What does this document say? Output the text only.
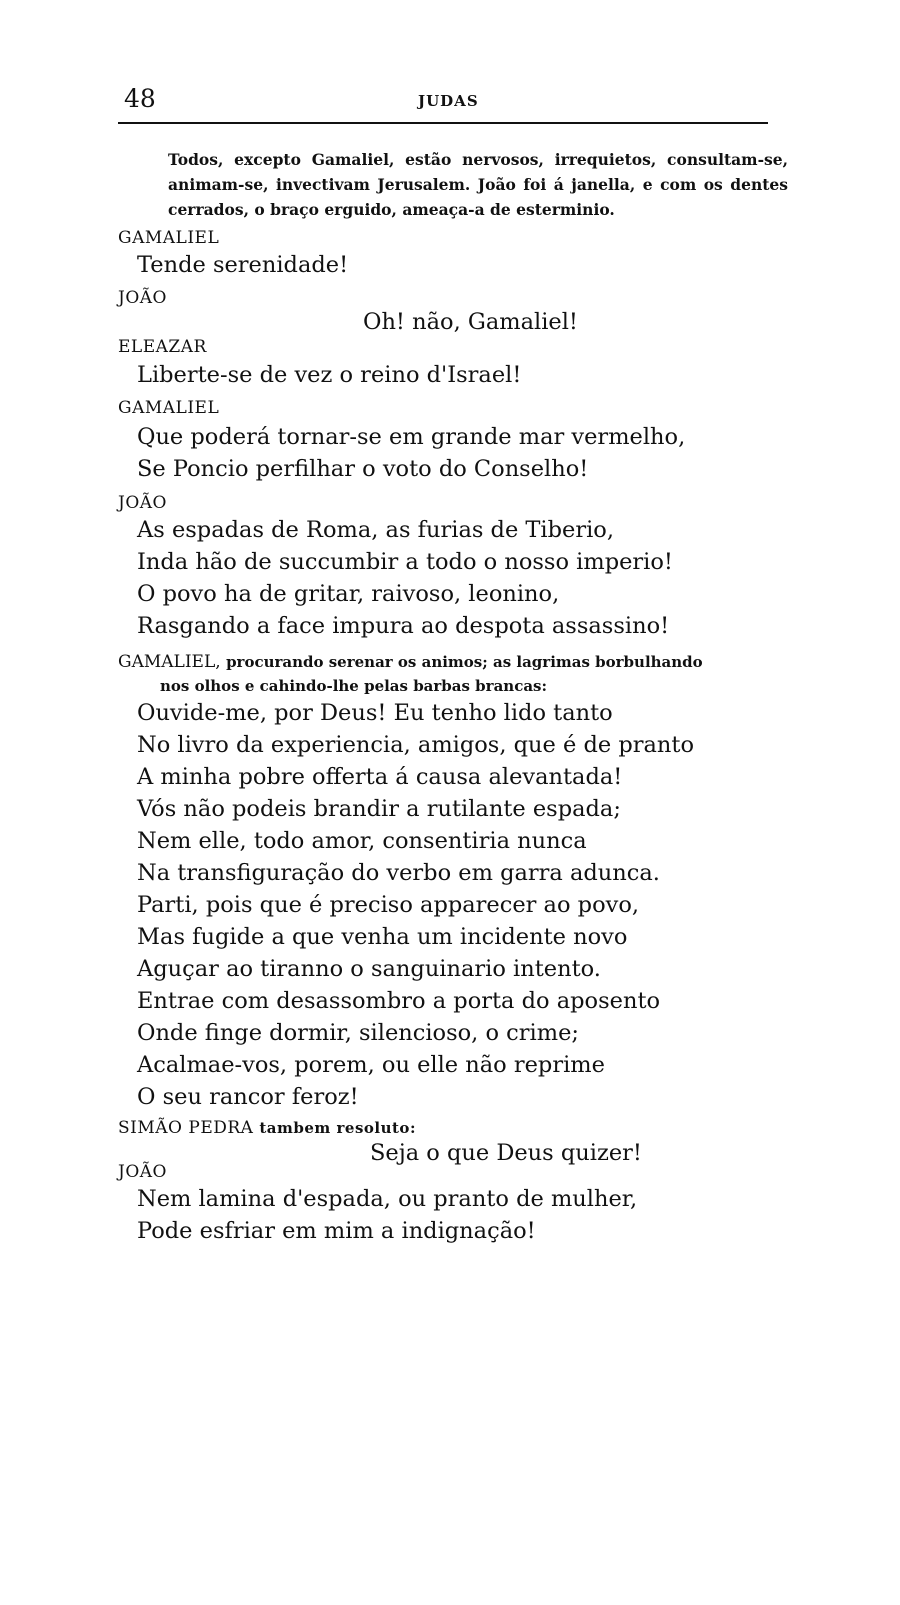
48	JUDAS
Todos, excepto Gamaliel, estão nervosos, irrequietos, consultam-se, animam-se, invectivam Jerusalem. João foi á janella, e com os dentes cerrados, o braço erguido, ameaça-a de esterminio.
GAMALIEL
Tende serenidade!
JOÃO
Oh! não, Gamaliel!
ELEAZAR
Liberte-se de vez o reino d'Israel!
GAMALIEL
Que poderá tornar-se em grande mar vermelho,
Se Poncio perfilhar o voto do Conselho!
JOÃO
As espadas de Roma, as furias de Tiberio,
Inda hão de succumbir a todo o nosso imperio!
O povo ha de gritar, raivoso, leonino,
Rasgando a face impura ao despota assassino!
GAMALIEL, procurando serenar os animos; as lagrimas borbulhando
nos olhos e cahindo-lhe pelas barbas brancas:
Ouvide-me, por Deus! Eu tenho lido tanto
No livro da experiencia, amigos, que é de pranto
A minha pobre offerta á causa alevantada!
Vós não podeis brandir a rutilante espada;
Nem elle, todo amor, consentiria nunca
Na transfiguração do verbo em garra adunca.
Parti, pois que é preciso apparecer ao povo,
Mas fugide a que venha um incidente novo
Aguçar ao tiranno o sanguinario intento.
Entrae com desassombro a porta do aposento
Onde finge dormir, silencioso, o crime;
Acalmae-vos, porem, ou elle não reprime
O seu rancor feroz!
SIMÃO PEDRA tambem resoluto:
Seja o que Deus quizer!
JOÃO
Nem lamina d'espada, ou pranto de mulher,
Pode esfriar em mim a indignação!
